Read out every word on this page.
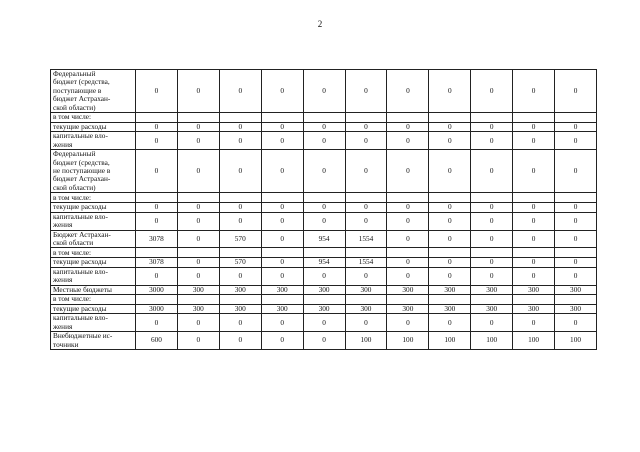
2
Федеральный
бюджет (средства,
поступающие в
бюджет Астрахан-
ской области)	0	0	0	0	0	0	0	0	0	0	0
в том числе:											
текущие расходы	0	0	0	0	0	0	0	0	0	0	0
капитальные вло-
жения	0	0	0	0	0	0	0	0	0	0	0
Федеральный
бюджет (средства,
не поступающие в
бюджет Астрахан-
ской области)	0	0	0	0	0	0	0	0	0	0	0
в том числе:											
текущие расходы	0	0	0	0	0	0	0	0	0	0	0
капитальные вло-
жения	0	0	0	0	0	0	0	0	0	0	0
Бюджет Астрахан-
ской области	3078	0	570	0	954	1554	0	0	0	0	0
в том числе:											
текущие расходы	3078	0	570	0	954	1554	0	0	0	0	0
капитальные вло-
жения	0	0	0	0	0	0	0	0	0	0	0
Местные бюджеты	3000	300	300	300	300	300	300	300	300	300	300
в том числе:											
текущие расходы	3000	300	300	300	300	300	300	300	300	300	300
капитальные вло-
жения	0	0	0	0	0	0	0	0	0	0	0
Внебюджетные ис-
точники	600	0	0	0	0	100	100	100	100	100	100
